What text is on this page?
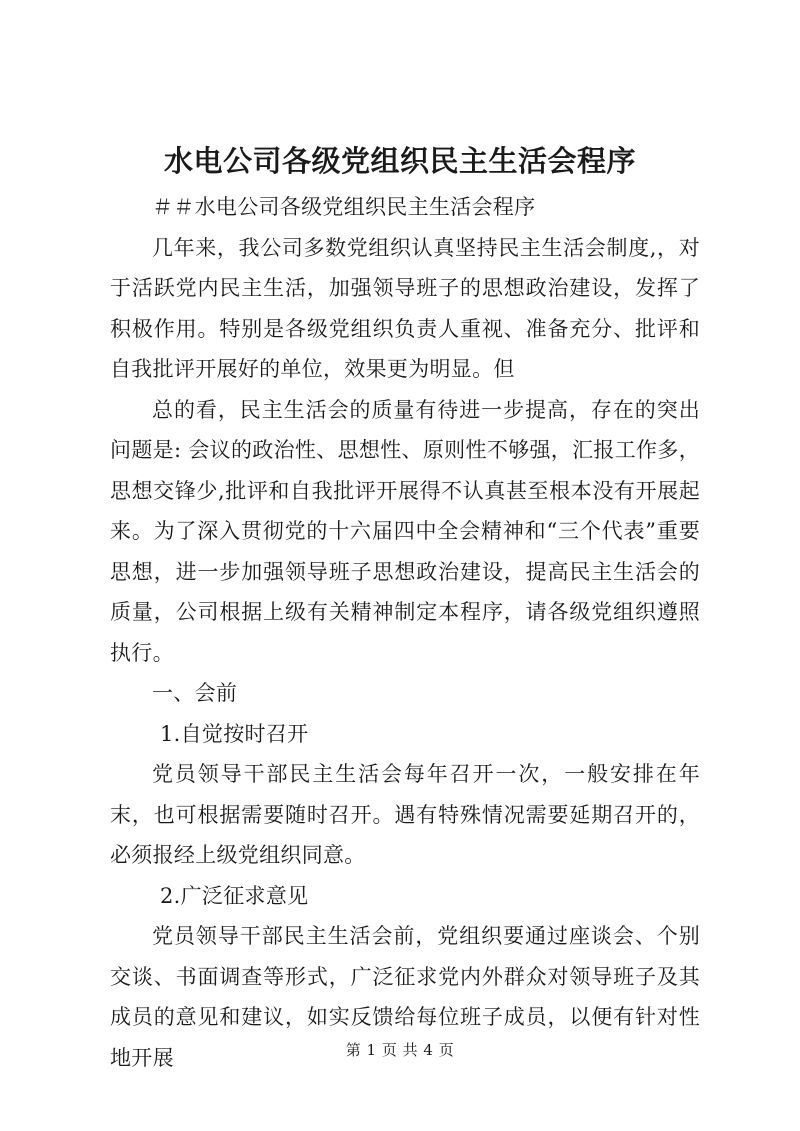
水电公司各级党组织民主生活会程序

＃＃水电公司各级党组织民主生活会程序

几年来，我公司多数党组织认真坚持民主生活会制度,，对于活跃党内民主生活，加强领导班子的思想政治建设，发挥了积极作用。特别是各级党组织负责人重视、准备充分、批评和自我批评开展好的单位，效果更为明显。但

总的看，民主生活会的质量有待进一步提高，存在的突出问题是: 会议的政治性、思想性、原则性不够强，汇报工作多，思想交锋少,批评和自我批评开展得不认真甚至根本没有开展起来。为了深入贯彻党的十六届四中全会精神和“三个代表”重要思想，进一步加强领导班子思想政治建设，提高民主生活会的质量，公司根据上级有关精神制定本程序，请各级党组织遵照执行。

一、会前

1.自觉按时召开

党员领导干部民主生活会每年召开一次，一般安排在年末，也可根据需要随时召开。遇有特殊情况需要延期召开的，必须报经上级党组织同意。

2.广泛征求意见

党员领导干部民主生活会前，党组织要通过座谈会、个别交谈、书面调查等形式，广泛征求党内外群众对领导班子及其成员的意见和建议，如实反馈给每位班子成员，以便有针对性地开展	第 1 页 共 4 页
